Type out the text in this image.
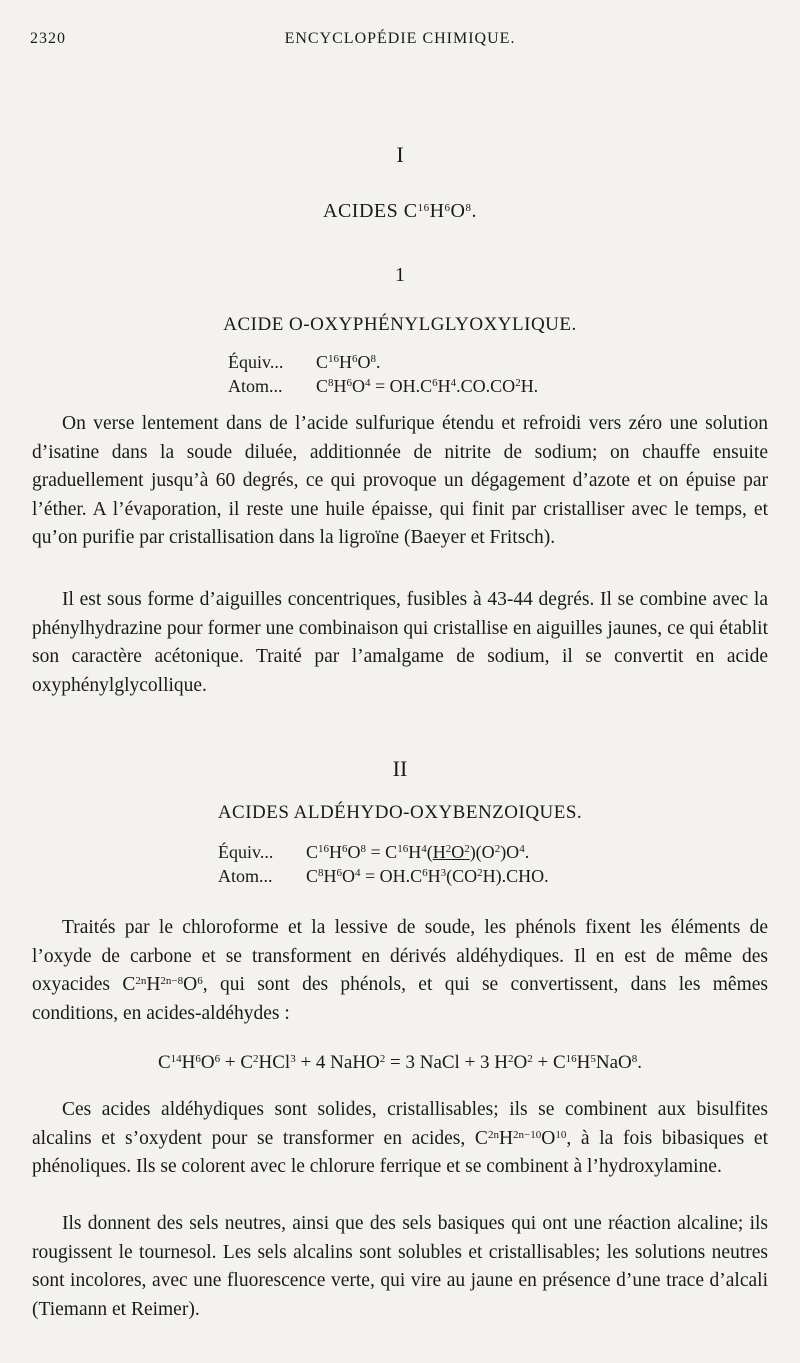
2320	ENCYCLOPÉDIE CHIMIQUE.
I
ACIDES $C^{16}H^6O^8$.
1
ACIDE O-OXYPHÉNYLGLYOXYLIQUE.
Équiv... $C^{16}H^6O^8$.
Atom... $C^8H^6O^4 = OH.C^6H^4.CO.CO^2H$.

On verse lentement dans de l’acide sulfurique étendu et refroidi vers zéro une solution d’isatine dans la soude diluée, additionnée de nitrite de sodium; on chauffe ensuite graduellement jusqu’à 60 degrés, ce qui provoque un dégagement d’azote et on épuise par l’éther. A l’évaporation, il reste une huile épaisse, qui finit par cristalliser avec le temps, et qu’on purifie par cristallisation dans la ligroïne (Baeyer et Fritsch).

Il est sous forme d’aiguilles concentriques, fusibles à 43-44 degrés. Il se combine avec la phénylhydrazine pour former une combinaison qui cristallise en aiguilles jaunes, ce qui établit son caractère acétonique. Traité par l’amalgame de sodium, il se convertit en acide oxyphénylglycollique.

II
ACIDES ALDÉHYDO-OXYBENZOIQUES.
Équiv... $C^{16}H^6O^8 = C^{16}H^4(H^2O^2)(O^2)O^4$.
Atom... $C^8H^6O^4 = OH.C^6H^3(CO^2H).CHO$.

Traités par le chloroforme et la lessive de soude, les phénols fixent les éléments de l’oxyde de carbone et se transforment en dérivés aldéhydiques. Il en est de même des oxyacides $C^{2n}H^{2n-8}O^6$, qui sont des phénols, et qui se convertissent, dans les mêmes conditions, en acides-aldéhydes :

$C^{14}H^6O^6 + C^2HCl^3 + 4$ NaHO$^2$ = 3 NaCl + 3 $H^2O^2 + C^{16}H^5NaO^8$.

Ces acides aldéhydiques sont solides, cristallisables; ils se combinent aux bisulfites alcalins et s’oxydent pour se transformer en acides, $C^{2n}H^{2n-10}O^{10}$, à la fois bibasiques et phénoliques. Ils se colorent avec le chlorure ferrique et se combinent à l’hydroxylamine.

Ils donnent des sels neutres, ainsi que des sels basiques qui ont une réaction alcaline; ils rougissent le tournesol. Les sels alcalins sont solubles et cristallisables; les solutions neutres sont incolores, avec une fluorescence verte, qui vire au jaune en présence d’une trace d’alcali (Tiemann et Reimer).
